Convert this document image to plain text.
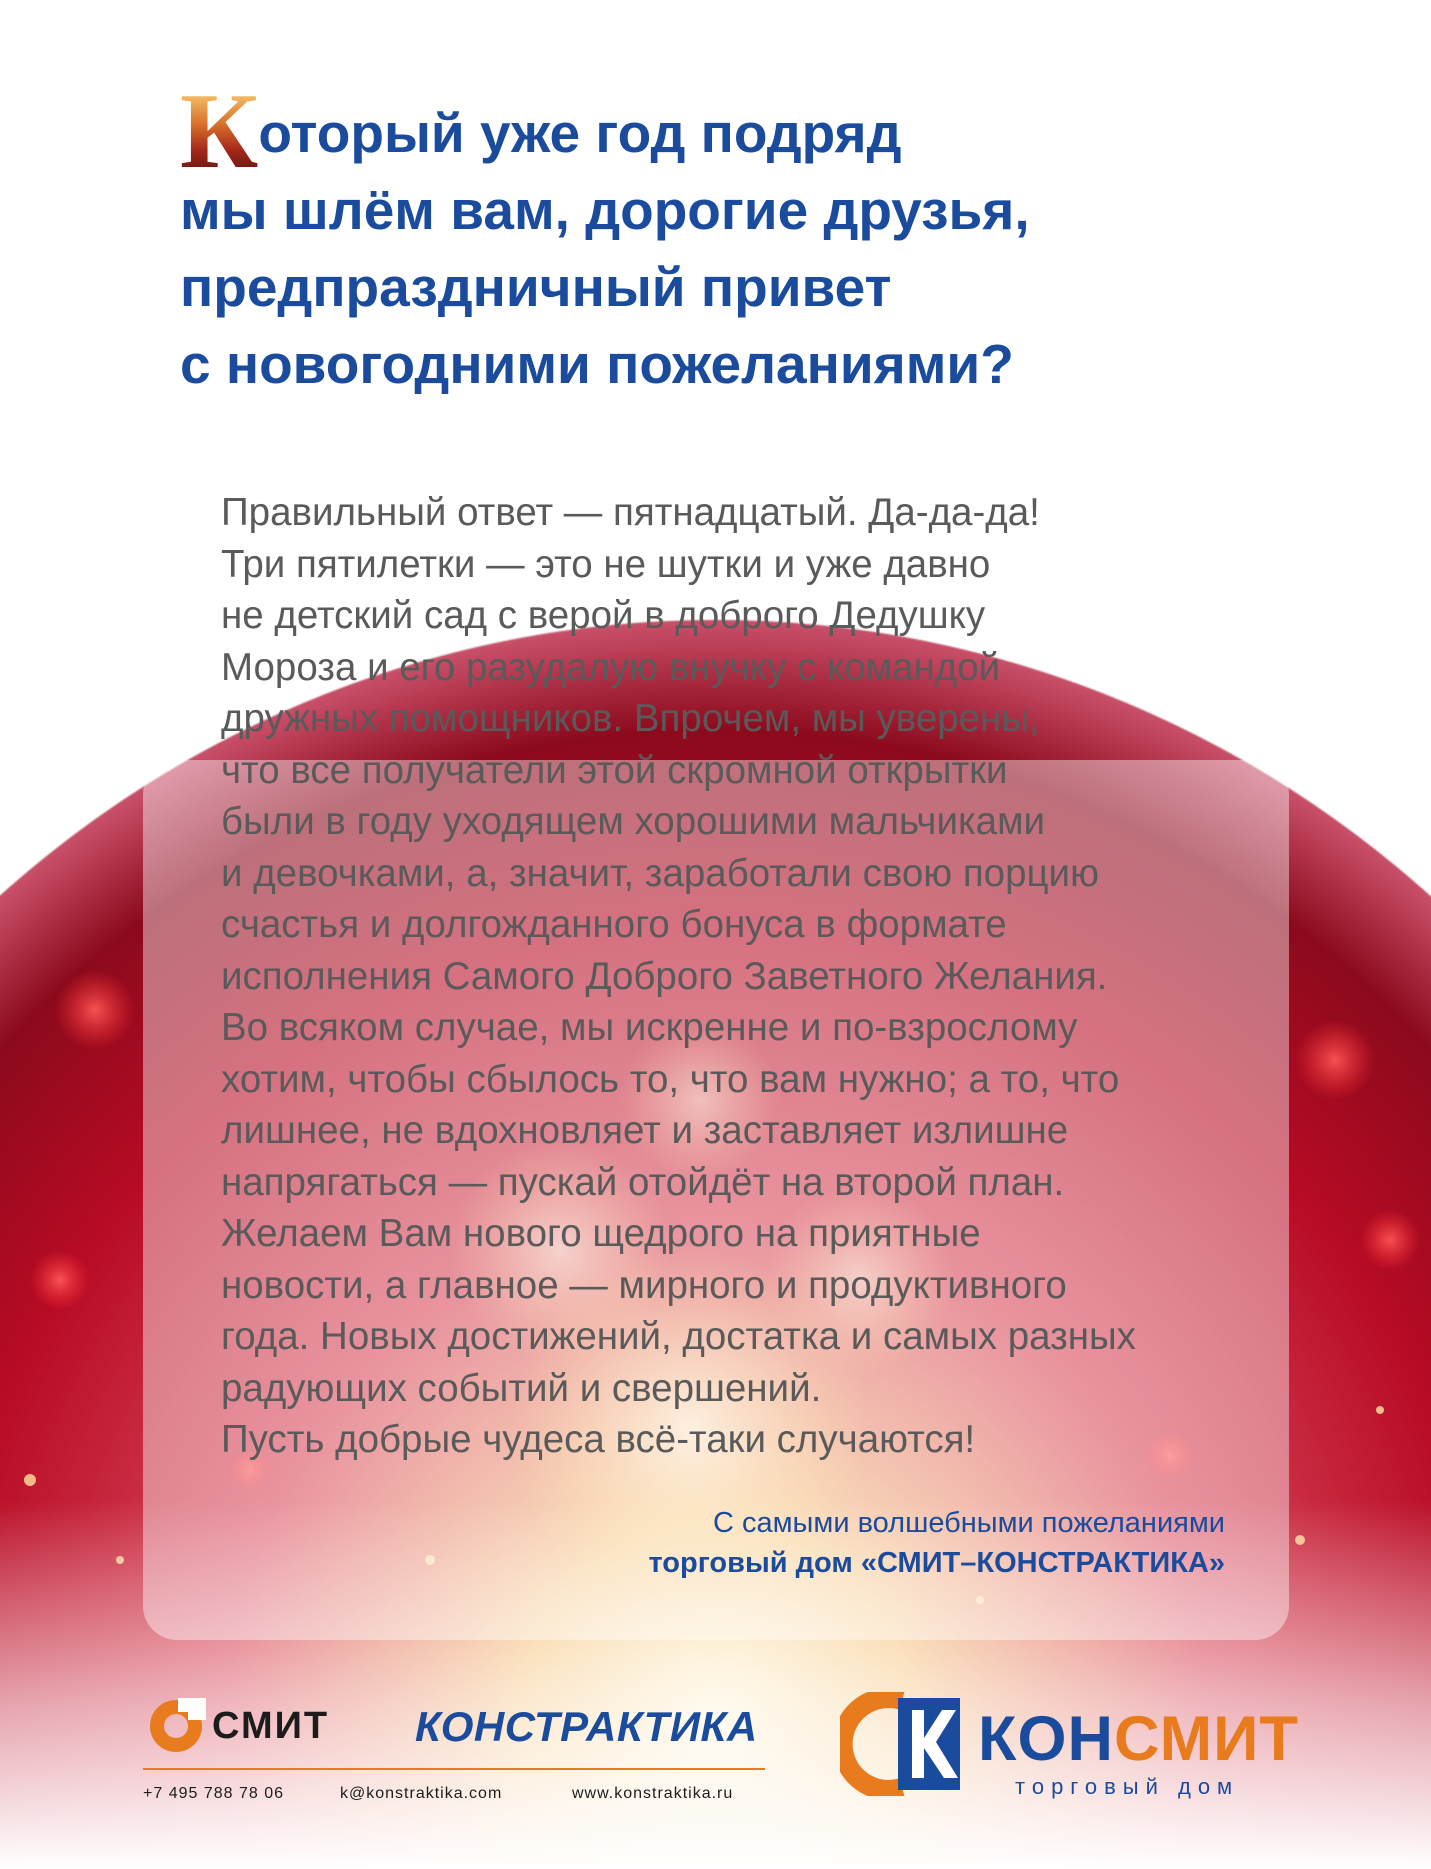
Который уже год подряд
мы шлём вам, дорогие друзья,
предпраздничный привет
с новогодними пожеланиями?
Правильный ответ — пятнадцатый. Да-да-да!
Три пятилетки — это не шутки и уже давно
не детский сад с верой в доброго Дедушку
Мороза и его разудалую внучку с командой
дружных помощников. Впрочем, мы уверены,
что все получатели этой скромной открытки
были в году уходящем хорошими мальчиками
и девочками, а, значит, заработали свою порцию
счастья и долгожданного бонуса в формате
исполнения Самого Доброго Заветного Желания.
Во всяком случае, мы искренне и по-взрослому
хотим, чтобы сбылось то, что вам нужно; а то, что
лишнее, не вдохновляет и заставляет излишне
напрягаться — пускай отойдёт на второй план.
Желаем Вам нового щедрого на приятные
новости, а главное — мирного и продуктивного
года. Новых достижений, достатка и самых разных
радующих событий и свершений.
Пусть добрые чудеса всё-таки случаются!
С самыми волшебными пожеланиями
торговый дом «СМИТ–КОНСТРАКТИКА»
СМИТ КОНСТРАКТИКА
+7 495 788 78 06	k@konstraktika.com	www.konstraktika.ru
КОНСМИТ
торговый дом
